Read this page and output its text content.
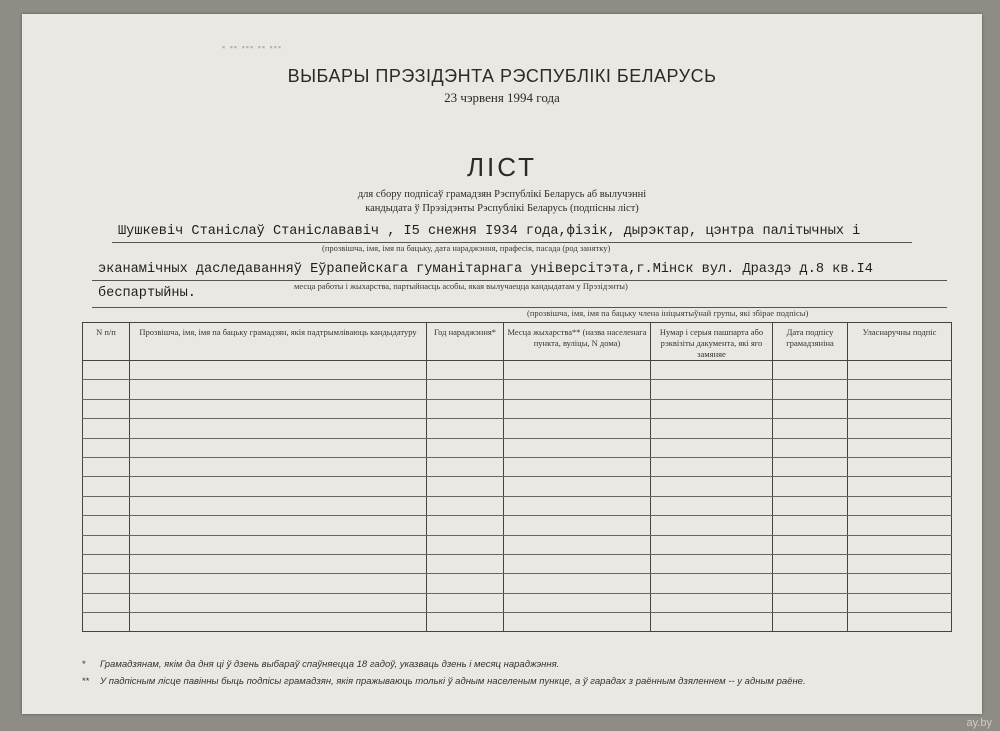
▪ ▪▪ ▪▪▪ ▪▪ ▪▪▪
ВЫБАРЫ ПРЭЗІДЭНТА РЭСПУБЛІКІ БЕЛАРУСЬ
23 чэрвеня 1994 года
ЛІСТ
для сбору подпісаў грамадзян Рэспублікі Беларусь аб вылучэнні
кандыдата ў Прэзідэнты Рэспублікі Беларусь (подпісны ліст)
Шушкевіч Станіслаў Станіслававіч , I5 снежня I934 года,фізік, дырэктар, цэнтра палітычных і
(прозвішча, імя, імя па бацьку, дата нараджэння, прафесія, пасада (род занятку)
эканамічных даследаванняў Еўрапейскага гуманітарнага універсітэта,г.Мінск вул. Драздэ д.8 кв.I4
месца работы і жыхарства, партыйнасць асобы, якая вылучаецца кандыдатам у Прэзідэнты)
беспартыйны.
(прозвішча, імя, імя па бацьку члена ініцыятыўнай групы, які збірае подпісы)
N п/п	Прозвішча, імя, імя па бацьку грамадзян, якія падтрымліваюць кандыдатуру	Год нараджэння*	Месца жыхарства** (назва населенага пункта, вуліцы, N дома)	Нумар і серыя пашпарта або рэквізіты дакумента, які яго замяняе	Дата подпісу грамадзяніна	Уласнаручны подпіс

* Грамадзянам, якім да дня ці ў дзень выбараў спаўняецца 18 гадоў, указваць дзень і месяц нараджэння.
** У падпісным лісце павінны быць подпісы грамадзян, якія пражываюць толькі ў адным населеным пункце, а ў гарадах з раённым дзяленнем -- у адным раёне.
ay.by
